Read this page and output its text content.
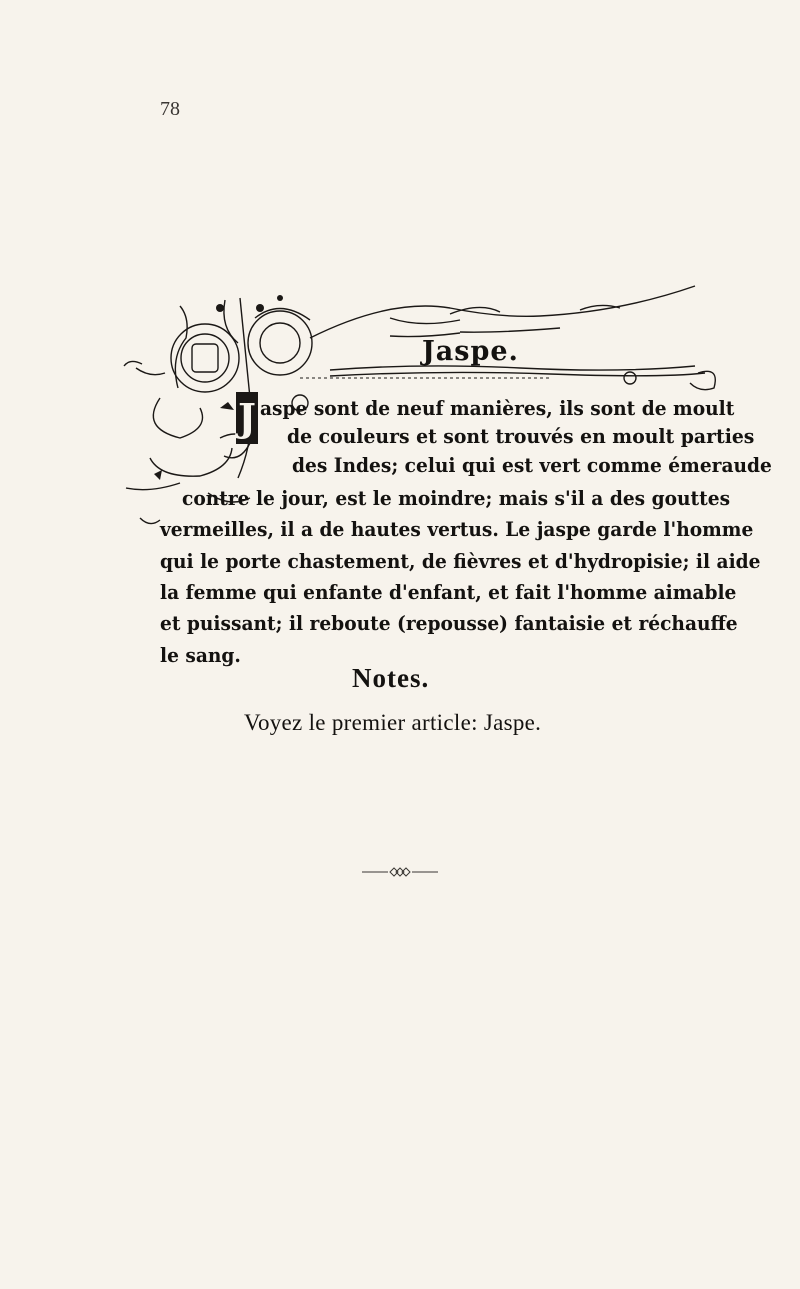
78
Jaspe.
J aspe sont de neuf manières, ils sont de moult
de couleurs et sont trouvés en moult parties
des Indes; celui qui est vert comme émeraude
contre le jour, est le moindre; mais s'il a des gouttes
vermeilles, il a de hautes vertus. Le jaspe garde l'homme
qui le porte chastement, de fièvres et d'hydropisie; il aide
la femme qui enfante d'enfant, et fait l'homme aimable
et puissant; il reboute (repousse) fantaisie et réchauffe
le sang.
Notes.
Voyez le premier article: Jaspe.
